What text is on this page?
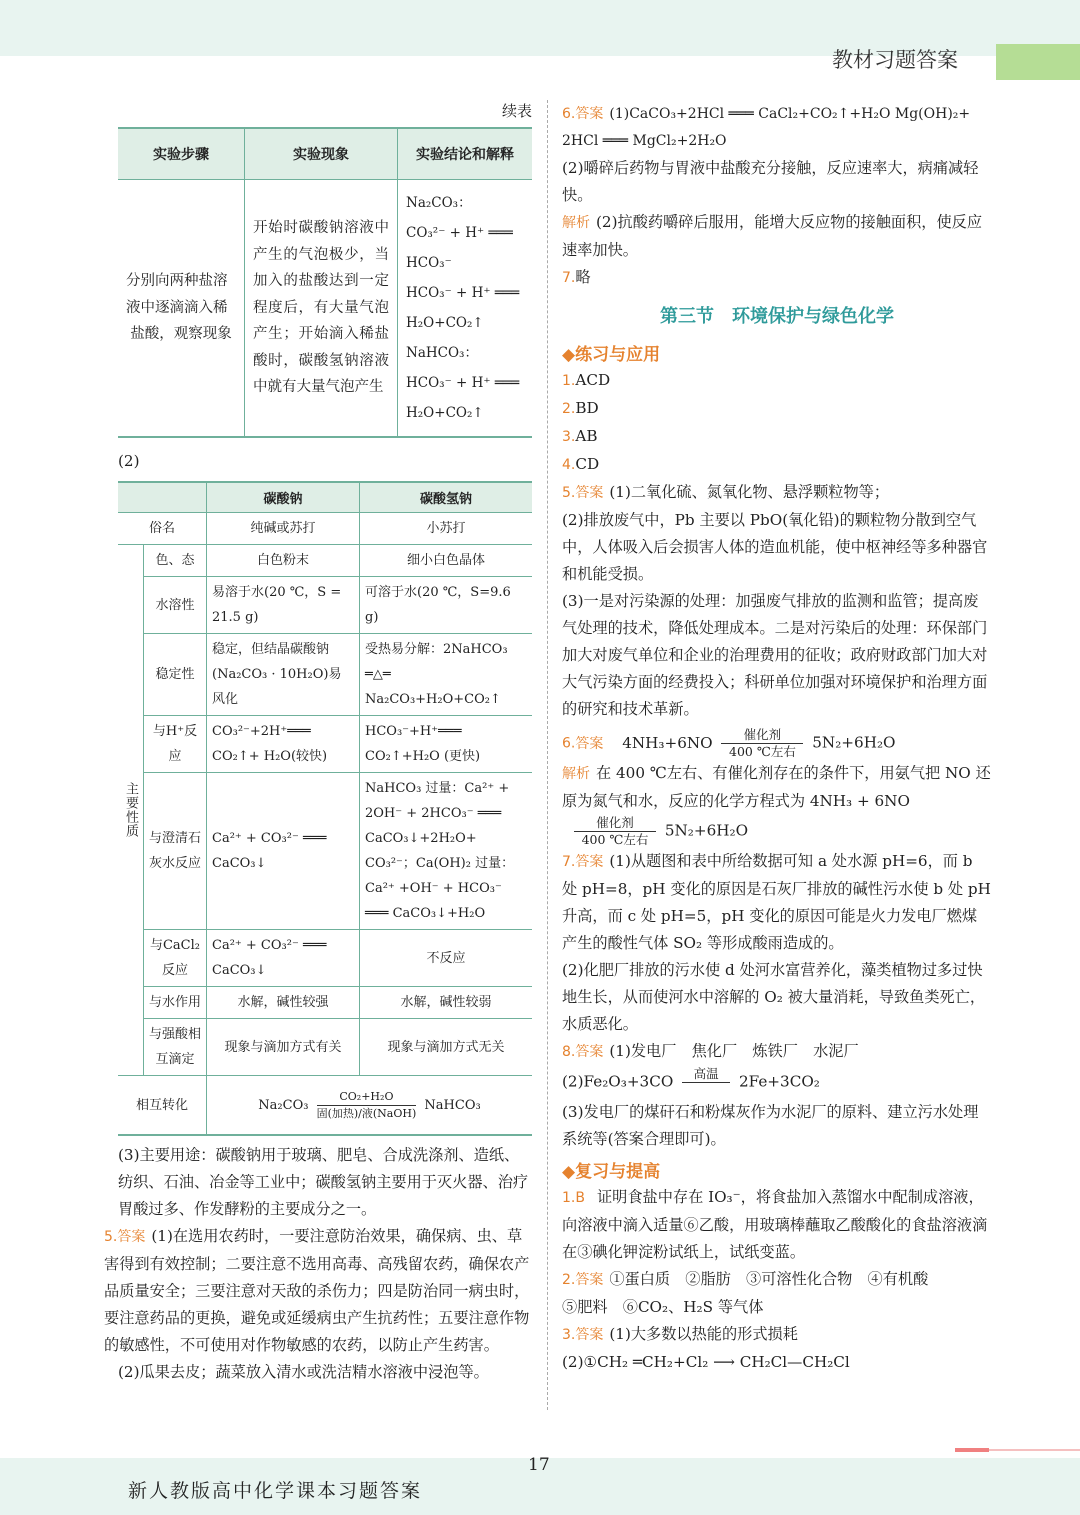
教材习题答案
续表
实验步骤	实验现象	实验结论和解释
分别向两种盐溶液中逐滴滴入稀盐酸，观察现象	开始时碳酸钠溶液中产生的气泡极少，当加入的盐酸达到一定程度后，有大量气泡产生；开始滴入稀盐酸时，碳酸氢钠溶液中就有大量气泡产生	Na₂CO₃：
CO₃²⁻ + H⁺ ═══ HCO₃⁻
HCO₃⁻ + H⁺ ═══ H₂O+CO₂↑
NaHCO₃：
HCO₃⁻ + H⁺ ═══ H₂O+CO₂↑
(2)
		碳酸钠	碳酸氢钠
俗名		纯碱或苏打	小苏打

主要性质	色、态	白色粉末	细小白色晶体
	水溶性	易溶于水(20 ℃，S = 21.5 g)	可溶于水(20 ℃，S=9.6 g)
	稳定性	稳定，但结晶碳酸钠(Na₂CO₃ · 10H₂O)易风化	受热易分解：2NaHCO₃ ═△═ Na₂CO₃+H₂O+CO₂↑
	与H⁺反应	CO₃²⁻+2H⁺═══ CO₂↑+ H₂O(较快)	HCO₃⁻+H⁺═══ CO₂↑+H₂O (更快)
	与澄清石灰水反应	Ca²⁺ + CO₃²⁻ ═══ CaCO₃↓	NaHCO₃ 过量：Ca²⁺ + 2OH⁻ + 2HCO₃⁻ ═══ CaCO₃↓+2H₂O+ CO₃²⁻；Ca(OH)₂ 过量：Ca²⁺ +OH⁻ + HCO₃⁻ ═══ CaCO₃↓+H₂O
	与CaCl₂反应	Ca²⁺ + CO₃²⁻ ═══ CaCO₃↓	不反应
	与水作用	水解，碱性较强	水解，碱性较弱
	与强酸相互滴定	现象与滴加方式有关	现象与滴加方式无关
相互转化		$Na_2CO_3 \frac{\text{CO₂+H₂O}}{\text{固(加热)/液(NaOH)}}$ NaHCO₃	

(3)主要用途：碳酸钠用于玻璃、肥皂、合成洗涤剂、造纸、纺织、石油、冶金等工业中；碳酸氢钠主要用于灭火器、治疗胃酸过多、作发酵粉的主要成分之一。

5.答案 (1)在选用农药时，一要注意防治效果，确保病、虫、草害得到有效控制；二要注意不选用高毒、高残留农药，确保农产品质量安全；三要注意对天敌的杀伤力；四是防治同一病虫时，要注意药品的更换，避免或延缓病虫产生抗药性；五要注意作物的敏感性，不可使用对作物敏感的农药，以防止产生药害。

(2)瓜果去皮；蔬菜放入清水或洗洁精水溶液中浸泡等。

6.答案 (1)CaCO₃+2HCl ═══ CaCl₂+CO₂↑+H₂O Mg(OH)₂+

2HCl ═══ MgCl₂+2H₂O

(2)嚼碎后药物与胃液中盐酸充分接触，反应速率大，病痛减轻快。

解析 (2)抗酸药嚼碎后服用，能增大反应物的接触面积，使反应速率加快。

7.略

第三节　环境保护与绿色化学
◆练习与应用

1.ACD

2.BD

3.AB

4.CD

5.答案 (1)二氧化硫、氮氧化物、悬浮颗粒物等；

(2)排放废气中，Pb 主要以 PbO(氧化铅)的颗粒物分散到空气中，人体吸入后会损害人体的造血机能，使中枢神经等多种器官和机能受损。

(3)一是对污染源的处理：加强废气排放的监测和监管；提高废气处理的技术，降低处理成本。二是对污染后的处理：环保部门加大对废气单位和企业的治理费用的征收；政府财政部门加大对大气污染方面的经费投入；科研单位加强对环境保护和治理方面的研究和技术革新。

6.答案 $4NH_3+6NO \frac{\text{催化剂}}{\text{400 ℃左右}} 5N_2+6H_2O$

解析 在 400 ℃左右、有催化剂存在的条件下，用氨气把 NO 还原为氮气和水，反应的化学方程式为 4NH₃ + 6NO

$\frac{\text{催化剂}}{\text{400 ℃左右}} 5N_2+6H_2O$

7.答案 (1)从题图和表中所给数据可知 a 处水源 pH=6，而 b 处 pH=8，pH 变化的原因是石灰厂排放的碱性污水使 b 处 pH 升高，而 c 处 pH=5，pH 变化的原因可能是火力发电厂燃煤产生的酸性气体 SO₂ 等形成酸雨造成的。

(2)化肥厂排放的污水使 d 处河水富营养化，藻类植物过多过快地生长，从而使河水中溶解的 O₂ 被大量消耗，导致鱼类死亡，水质恶化。

8.答案 (1)发电厂　焦化厂　炼铁厂　水泥厂

(2)Fe₂O₃+3CO	高温
	2Fe+3CO₂

(3)发电厂的煤矸石和粉煤灰作为水泥厂的原料、建立污水处理系统等(答案合理即可)。

◆复习与提高

1.B 证明食盐中存在 IO₃⁻，将食盐加入蒸馏水中配制成溶液，向溶液中滴入适量⑥乙酸，用玻璃棒蘸取乙酸酸化的食盐溶液滴在③碘化钾淀粉试纸上，试纸变蓝。

2.答案 ①蛋白质　②脂肪　③可溶性化合物　④有机酸

⑤肥料　⑥CO₂、H₂S 等气体

3.答案 (1)大多数以热能的形式损耗

(2)①CH₂ ═CH₂+Cl₂ ⟶ CH₂Cl—CH₂Cl

17
新人教版高中化学课本习题答案
